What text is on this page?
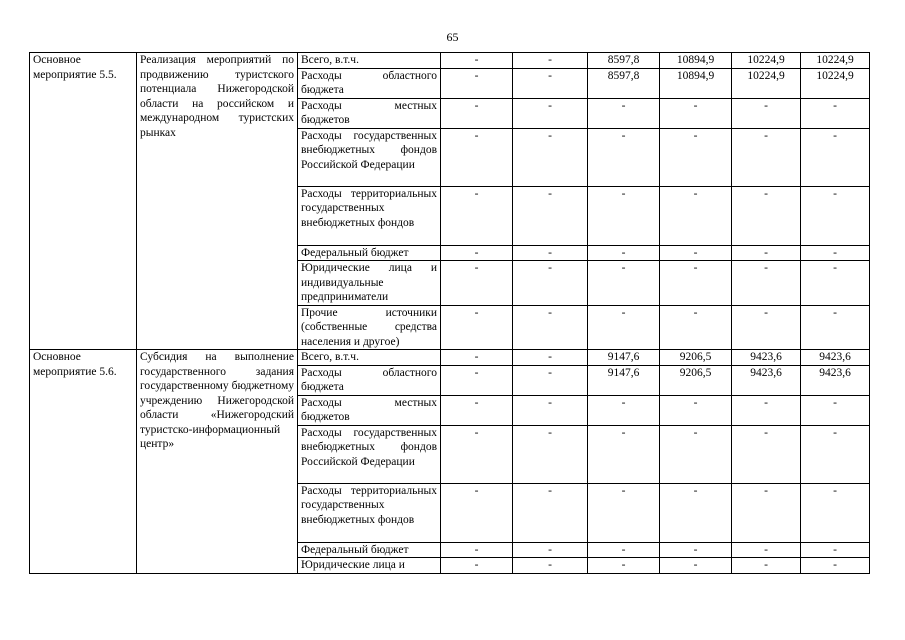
65
Основное мероприятие 5.5.	Реализация мероприятий по продвижению туристского потенциала Нижегородской области на российском и международном туристских рынках	Всего, в.т.ч.	-	-	8597,8	10894,9	10224,9	10224,9
		Расходы областного бюджета	-	-	8597,8	10894,9	10224,9	10224,9
		Расходы местных бюджетов	-	-	-	-	-	-
		Расходы государственных внебюджетных фондов Российской Федерации	-	-	-	-	-	-
		Расходы территориальных государственных внебюджетных фондов	-	-	-	-	-	-
		Федеральный бюджет	-	-	-	-	-	-
		Юридические лица и индивидуальные предприниматели	-	-	-	-	-	-
		Прочие источники (собственные средства населения и другое)	-	-	-	-	-	-
Основное мероприятие 5.6.	Субсидия на выполнение государственного задания государственному бюджетному учреждению Нижегородской области «Нижегородский туристско-информационный центр»	Всего, в.т.ч.	-	-	9147,6	9206,5	9423,6	9423,6
		Расходы областного бюджета	-	-	9147,6	9206,5	9423,6	9423,6
		Расходы местных бюджетов	-	-	-	-	-	-
		Расходы государственных внебюджетных фондов Российской Федерации	-	-	-	-	-	-
		Расходы территориальных государственных внебюджетных фондов	-	-	-	-	-	-
		Федеральный бюджет	-	-	-	-	-	-
		Юридические лица и	-	-	-	-	-	-
